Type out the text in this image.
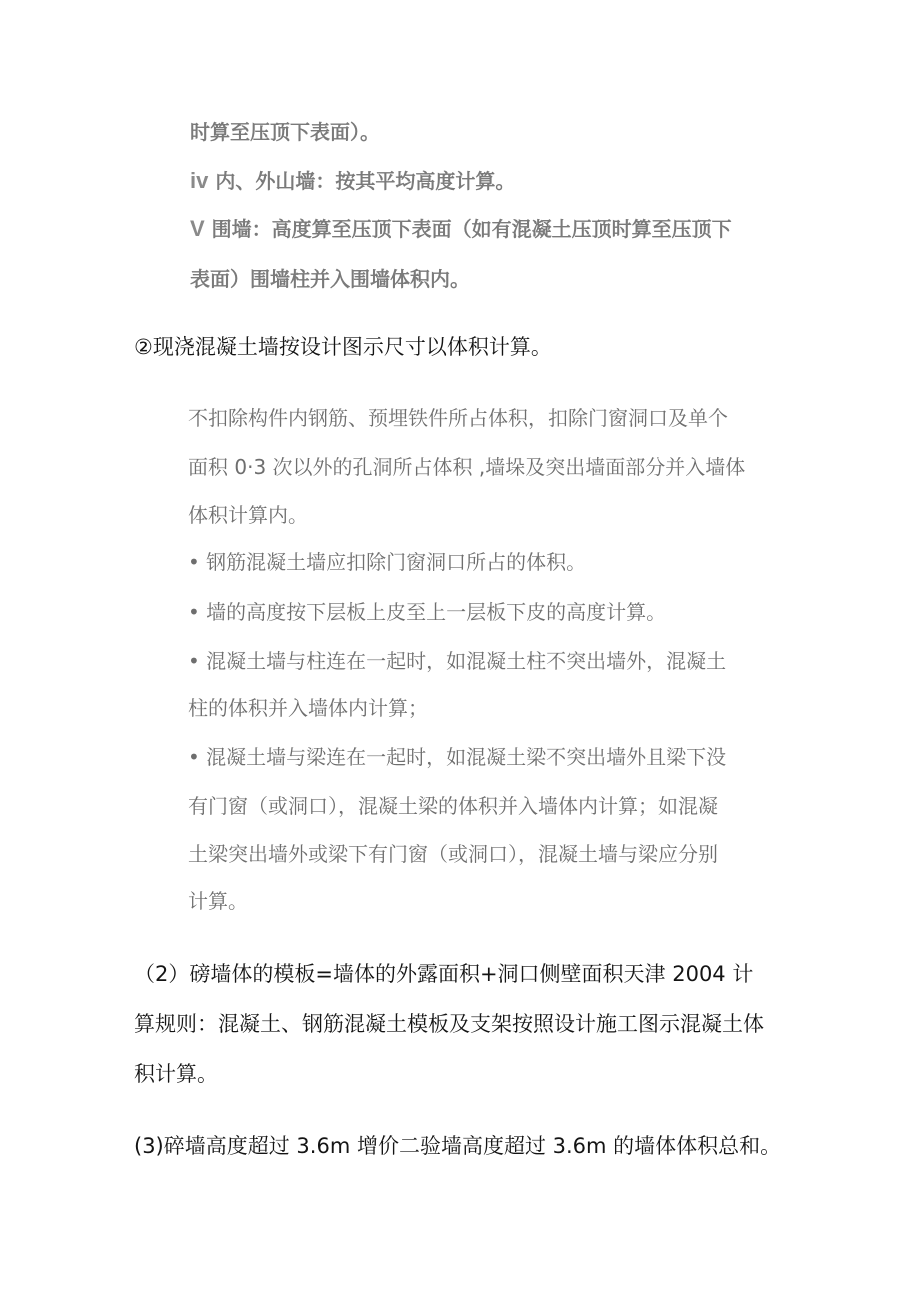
时算至压顶下表面）。

iv 内、外山墙：按其平均高度计算。

V 围墙：高度算至压顶下表面（如有混凝土压顶时算至压顶下

表面）围墙柱并入围墙体积内。

②现浇混凝土墙按设计图示尺寸以体积计算。

不扣除构件内钢筋、预埋铁件所占体积，扣除门窗洞口及单个

面积 0·3 次以外的孔洞所占体积 ,墙垛及突出墙面部分并入墙体

体积计算内。

• 钢筋混凝土墙应扣除门窗洞口所占的体积。

• 墙的高度按下层板上皮至上一层板下皮的高度计算。

• 混凝土墙与柱连在一起时，如混凝土柱不突出墙外，混凝土

柱的体积并入墙体内计算；

• 混凝土墙与梁连在一起时，如混凝土梁不突出墙外且梁下没

有门窗（或洞口），混凝土梁的体积并入墙体内计算；如混凝

土梁突出墙外或梁下有门窗（或洞口），混凝土墙与梁应分别

计算。

（2）磅墙体的模板=墙体的外露面积+洞口侧壁面积天津 2004 计

算规则：混凝土、钢筋混凝土模板及支架按照设计施工图示混凝土体

积计算。

(3)碎墙高度超过 3.6m 增价二验墙高度超过 3.6m 的墙体体积总和。
